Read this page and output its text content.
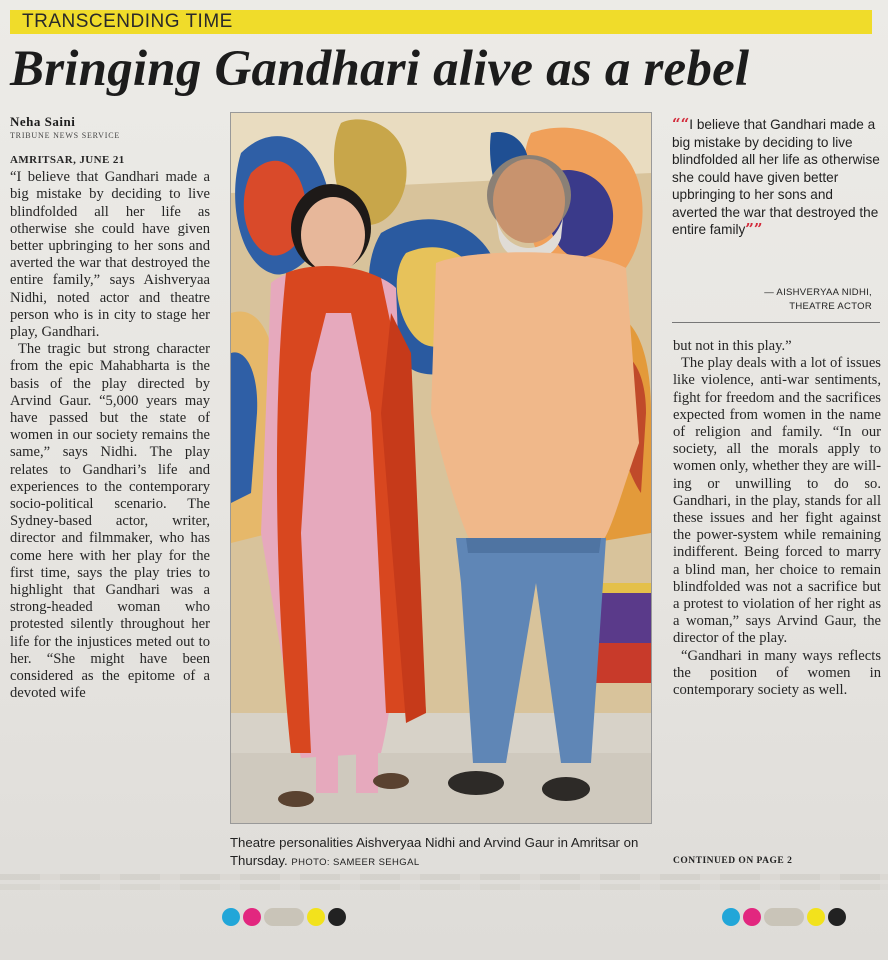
TRANSCENDING TIME
Bringing Gandhari alive as a rebel
Neha Saini
TRIBUNE NEWS SERVICE

AMRITSAR, JUNE 21
“I believe that Gandhari made a big mistake by deciding to live blindfolded all her life as otherwise she could have given better upbringing to her sons and averted the war that destroyed the entire family,” says Aishveryaa Nidhi, noted actor and theatre person who is in city to stage her play, Gandhari.

The tragic but strong character from the epic Mahabharta is the basis of the play directed by Arvind Gaur. “5,000 years may have passed but the state of women in our society remains the same,” says Nidhi. The play relates to Gandhari’s life and experiences to the contemporary socio-political scenario. The Sydney-based actor, writer, director and filmmaker, who has come here with her play for the first time, says the play tries to highlight that Gandhari was a strong-headed woman who protested silently throughout her life for the injustices meted out to her. “She might have been considered as the epitome of a devoted wife

Theatre personalities Aishveryaa Nidhi and Arvind Gaur in Amritsar on Thursday. PHOTO: SAMEER SEHGAL
““I believe that Gandhari made a big mistake by deciding to live blindfolded all her life as otherwise she could have given better upbringing to her sons and averted the war that destroyed the entire family””
— AISHVERYAA NIDHI,
THEATRE ACTOR

but not in this play.”

The play deals with a lot of issues like violence, anti-war sentiments, fight for freedom and the sacrifices expected from women in the name of religion and family. “In our society, all the morals apply to women only, whether they are willing or unwilling to do so. Gandhari, in the play, stands for all these issues and her fight against the power-system while remaining indifferent. Being forced to marry a blind man, her choice to remain blindfolded was not a sacrifice but a protest to violation of her right as a woman,” says Arvind Gaur, the director of the play.

“Gandhari in many ways reflects the position of women in contemporary society as well.

CONTINUED ON PAGE 2
